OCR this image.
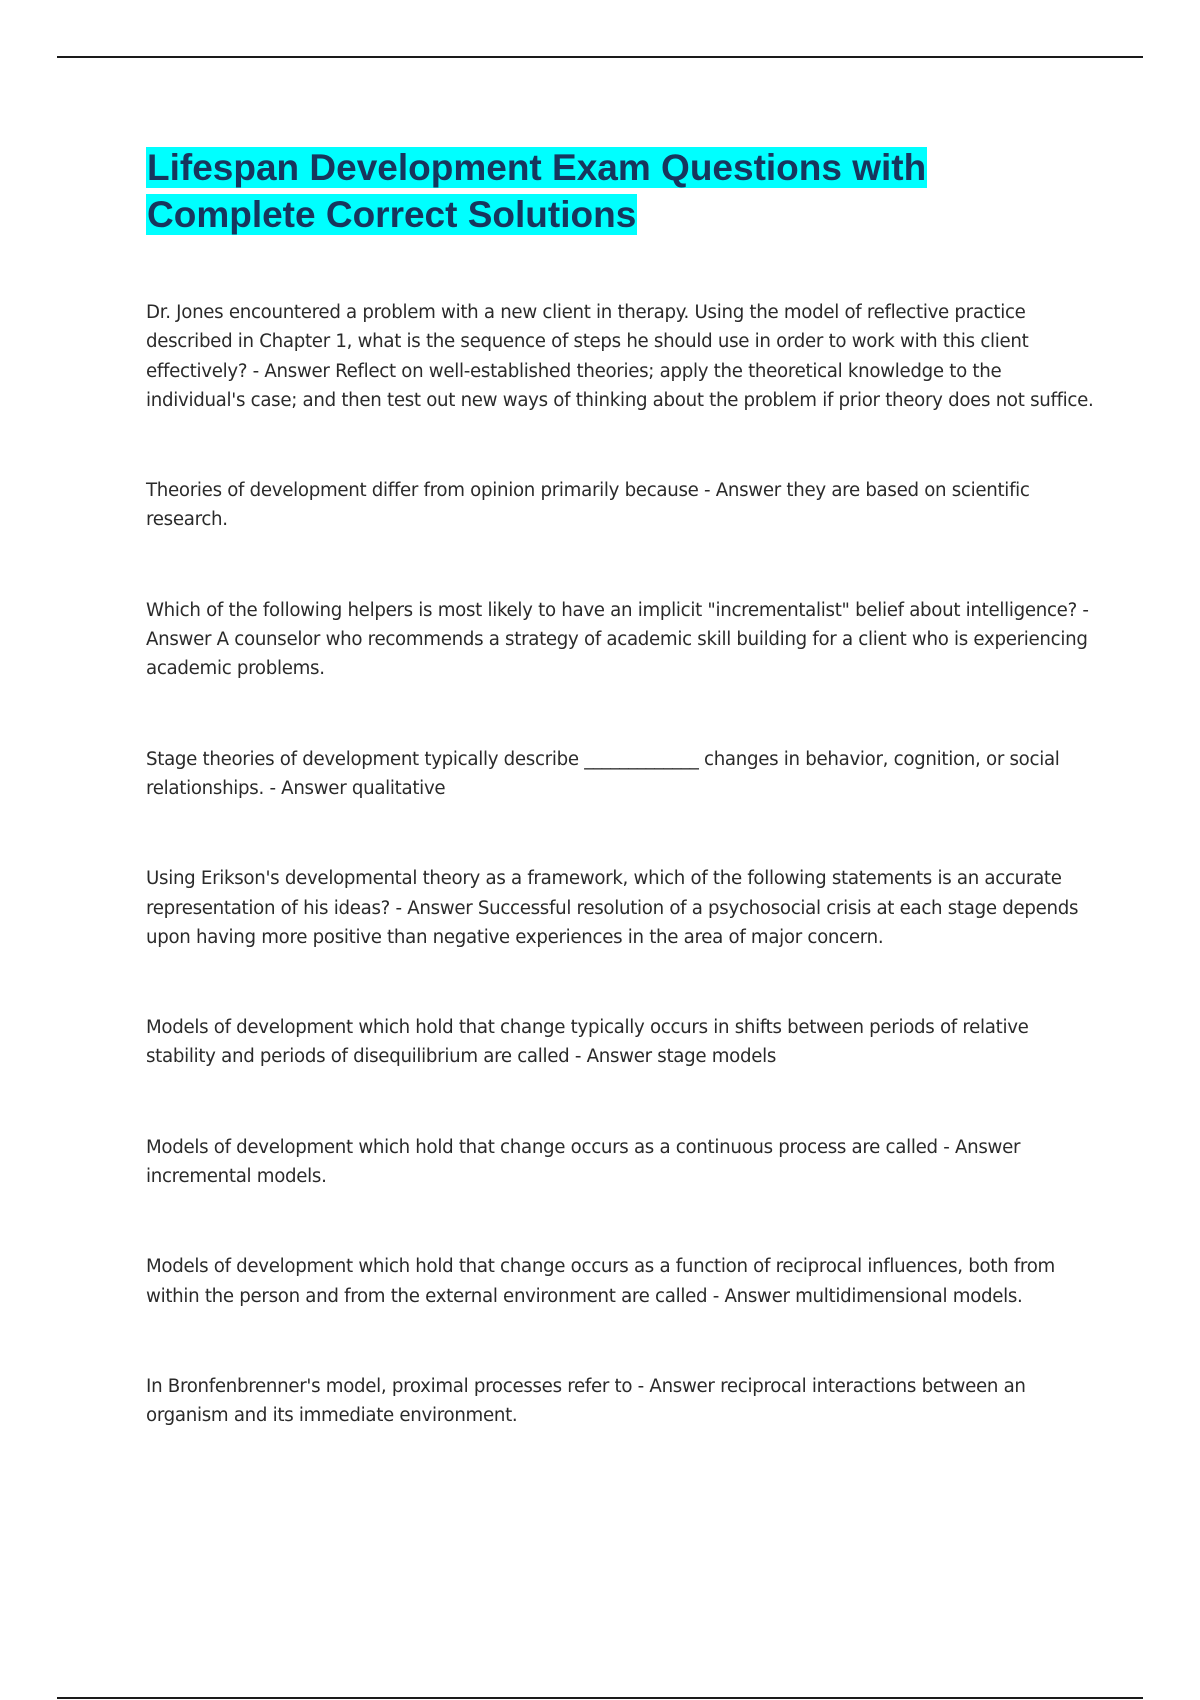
Lifespan Development Exam Questions with Complete Correct Solutions

Dr. Jones encountered a problem with a new client in therapy. Using the model of reflective practice described in Chapter 1, what is the sequence of steps he should use in order to work with this client effectively? - Answer Reflect on well-established theories; apply the theoretical knowledge to the individual's case; and then test out new ways of thinking about the problem if prior theory does not suffice.

Theories of development differ from opinion primarily because - Answer they are based on scientific research.

Which of the following helpers is most likely to have an implicit "incrementalist" belief about intelligence? - Answer A counselor who recommends a strategy of academic skill building for a client who is experiencing academic problems.

Stage theories of development typically describe _____________ changes in behavior, cognition, or social relationships. - Answer qualitative

Using Erikson's developmental theory as a framework, which of the following statements is an accurate representation of his ideas? - Answer Successful resolution of a psychosocial crisis at each stage depends upon having more positive than negative experiences in the area of major concern.

Models of development which hold that change typically occurs in shifts between periods of relative stability and periods of disequilibrium are called - Answer stage models

Models of development which hold that change occurs as a continuous process are called - Answer incremental models.

Models of development which hold that change occurs as a function of reciprocal influences, both from within the person and from the external environment are called - Answer multidimensional models.

In Bronfenbrenner's model, proximal processes refer to - Answer reciprocal interactions between an organism and its immediate environment.
